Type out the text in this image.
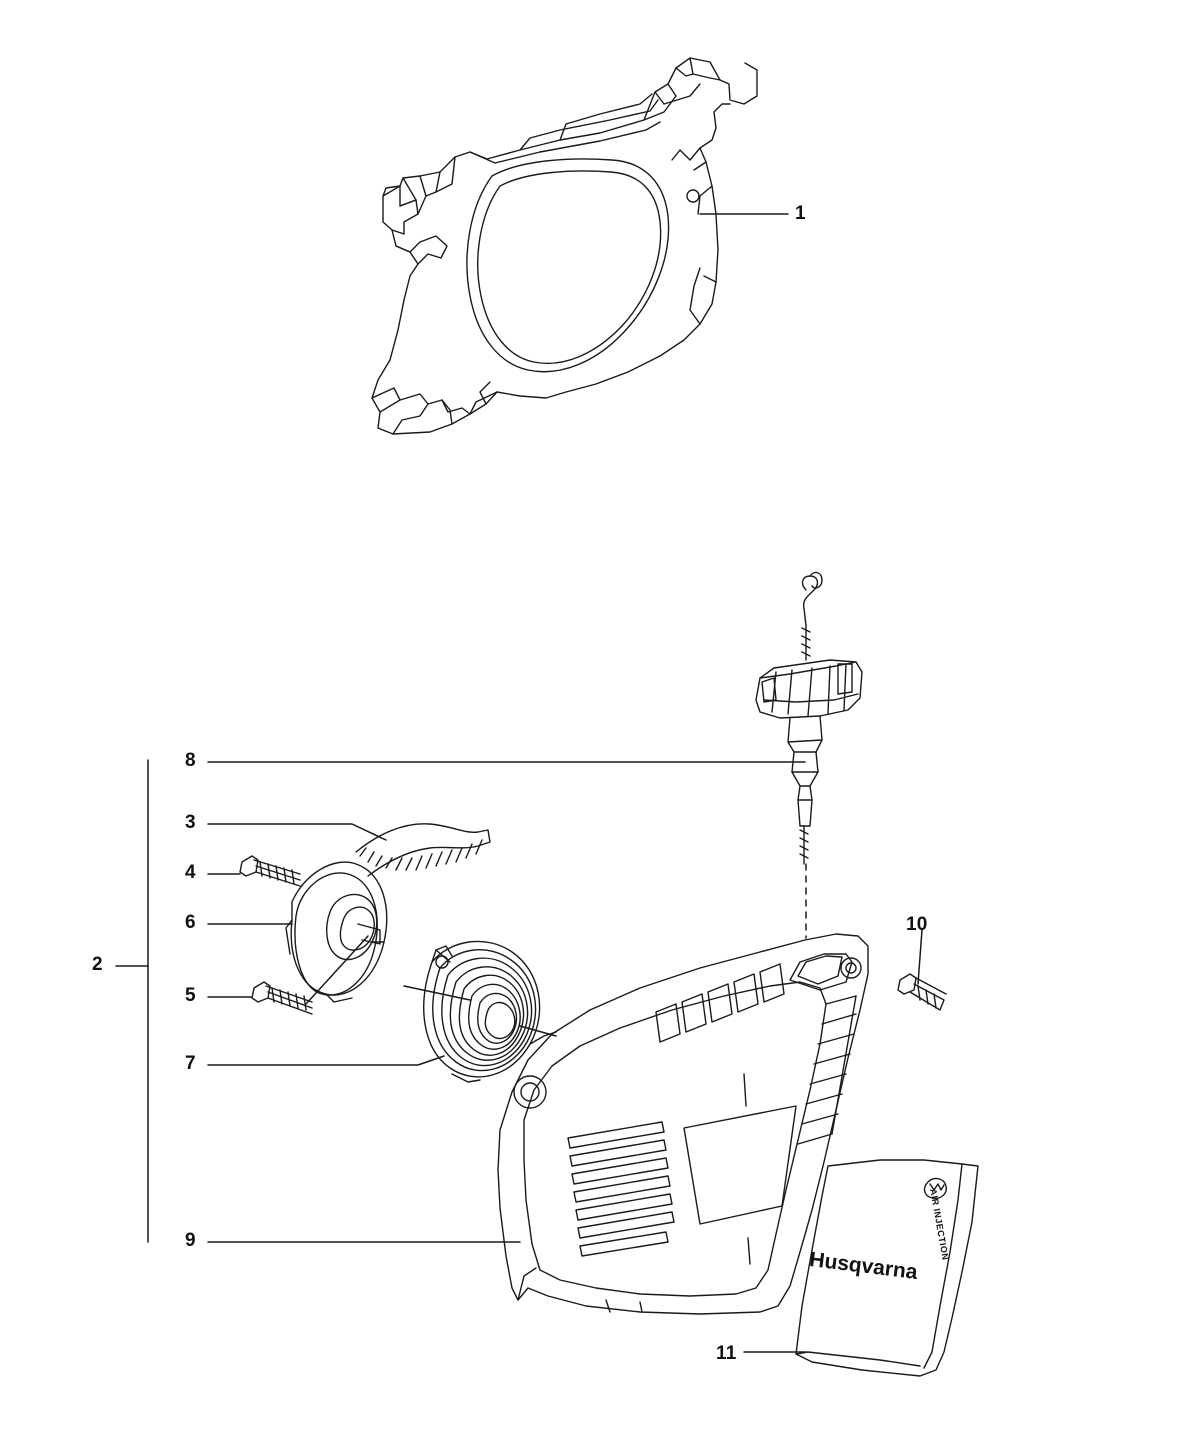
1
2
3
4
5
6
7
8
9
10
11
Husqvarna
AIR INJECTION
